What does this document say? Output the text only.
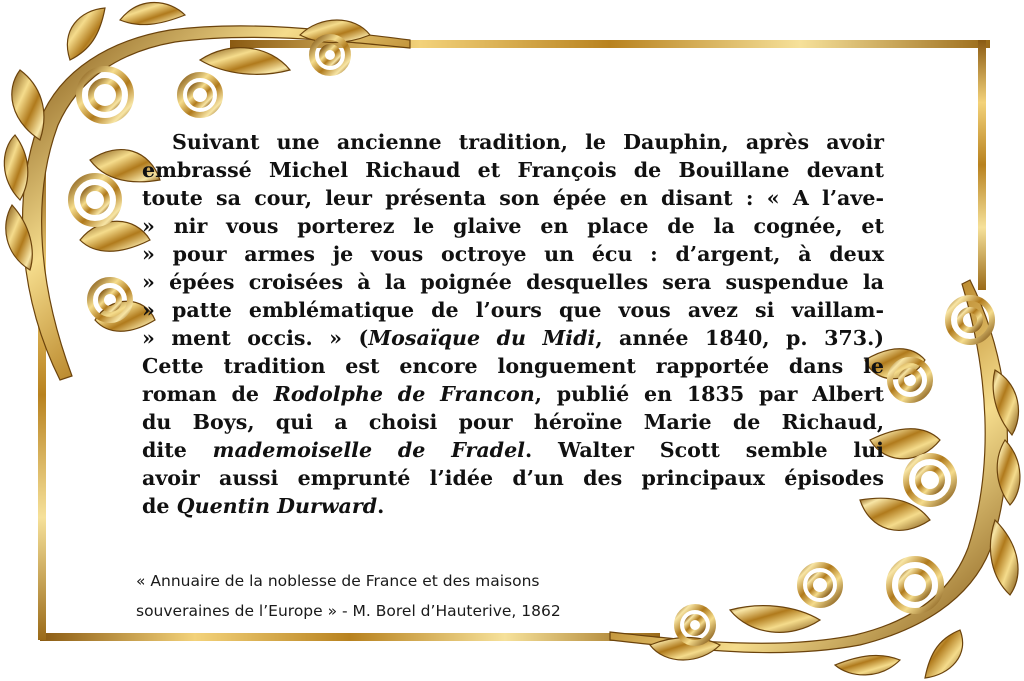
Suivant une ancienne tradition, le Dauphin, après avoir
embrassé Michel Richaud et François de Bouillane devant
toute sa cour, leur présenta son épée en disant : « A l’ave-
» nir vous porterez le glaive en place de la cognée, et
» pour armes je vous octroye un écu : d’argent, à deux
» épées croisées à la poignée desquelles sera suspendue la
» patte emblématique de l’ours que vous avez si vaillam-
» ment occis. » (Mosaïque du Midi, année 1840, p. 373.)
Cette tradition est encore longuement rapportée dans le
roman de Rodolphe de Francon, publié en 1835 par Albert
du Boys, qui a choisi pour héroïne Marie de Richaud,
dite mademoiselle de Fradel. Walter Scott semble lui
avoir aussi emprunté l’idée d’un des principaux épisodes
de Quentin Durward.
« Annuaire de la noblesse de France et des maisons
souveraines de l’Europe » - M. Borel d’Hauterive, 1862
